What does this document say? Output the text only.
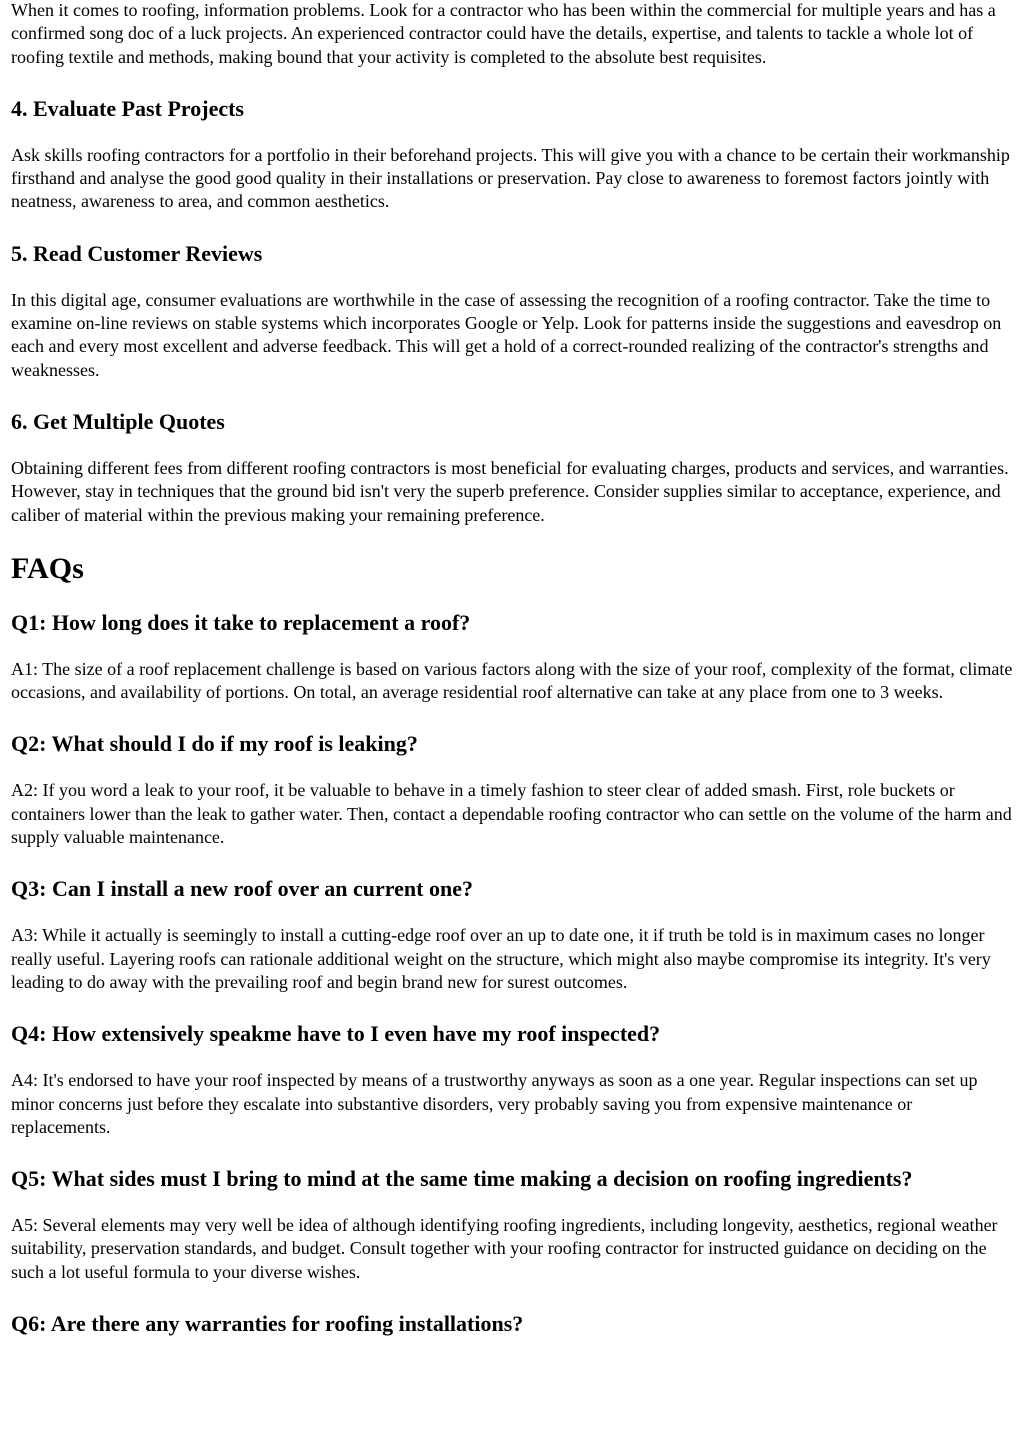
When it comes to roofing, information problems. Look for a contractor who has been within the commercial for multiple years and has a confirmed song doc of a luck projects. An experienced contractor could have the details, expertise, and talents to tackle a whole lot of roofing textile and methods, making bound that your activity is completed to the absolute best requisites.

4. Evaluate Past Projects

Ask skills roofing contractors for a portfolio in their beforehand projects. This will give you with a chance to be certain their workmanship firsthand and analyse the good good quality in their installations or preservation. Pay close to awareness to foremost factors jointly with neatness, awareness to area, and common aesthetics.

5. Read Customer Reviews

In this digital age, consumer evaluations are worthwhile in the case of assessing the recognition of a roofing contractor. Take the time to examine on-line reviews on stable systems which incorporates Google or Yelp. Look for patterns inside the suggestions and eavesdrop on each and every most excellent and adverse feedback. This will get a hold of a correct-rounded realizing of the contractor's strengths and weaknesses.

6. Get Multiple Quotes

Obtaining different fees from different roofing contractors is most beneficial for evaluating charges, products and services, and warranties. However, stay in techniques that the ground bid isn't very the superb preference. Consider supplies similar to acceptance, experience, and caliber of material within the previous making your remaining preference.

FAQs
Q1: How long does it take to replacement a roof?

A1: The size of a roof replacement challenge is based on various factors along with the size of your roof, complexity of the format, climate occasions, and availability of portions. On total, an average residential roof alternative can take at any place from one to 3 weeks.

Q2: What should I do if my roof is leaking?

A2: If you word a leak to your roof, it be valuable to behave in a timely fashion to steer clear of added smash. First, role buckets or containers lower than the leak to gather water. Then, contact a dependable roofing contractor who can settle on the volume of the harm and supply valuable maintenance.

Q3: Can I install a new roof over an current one?

A3: While it actually is seemingly to install a cutting-edge roof over an up to date one, it if truth be told is in maximum cases no longer really useful. Layering roofs can rationale additional weight on the structure, which might also maybe compromise its integrity. It's very leading to do away with the prevailing roof and begin brand new for surest outcomes.

Q4: How extensively speakme have to I even have my roof inspected?

A4: It's endorsed to have your roof inspected by means of a trustworthy anyways as soon as a one year. Regular inspections can set up minor concerns just before they escalate into substantive disorders, very probably saving you from expensive maintenance or replacements.

Q5: What sides must I bring to mind at the same time making a decision on roofing ingredients?

A5: Several elements may very well be idea of although identifying roofing ingredients, including longevity, aesthetics, regional weather suitability, preservation standards, and budget. Consult together with your roofing contractor for instructed guidance on deciding on the such a lot useful formula to your diverse wishes.

Q6: Are there any warranties for roofing installations?
